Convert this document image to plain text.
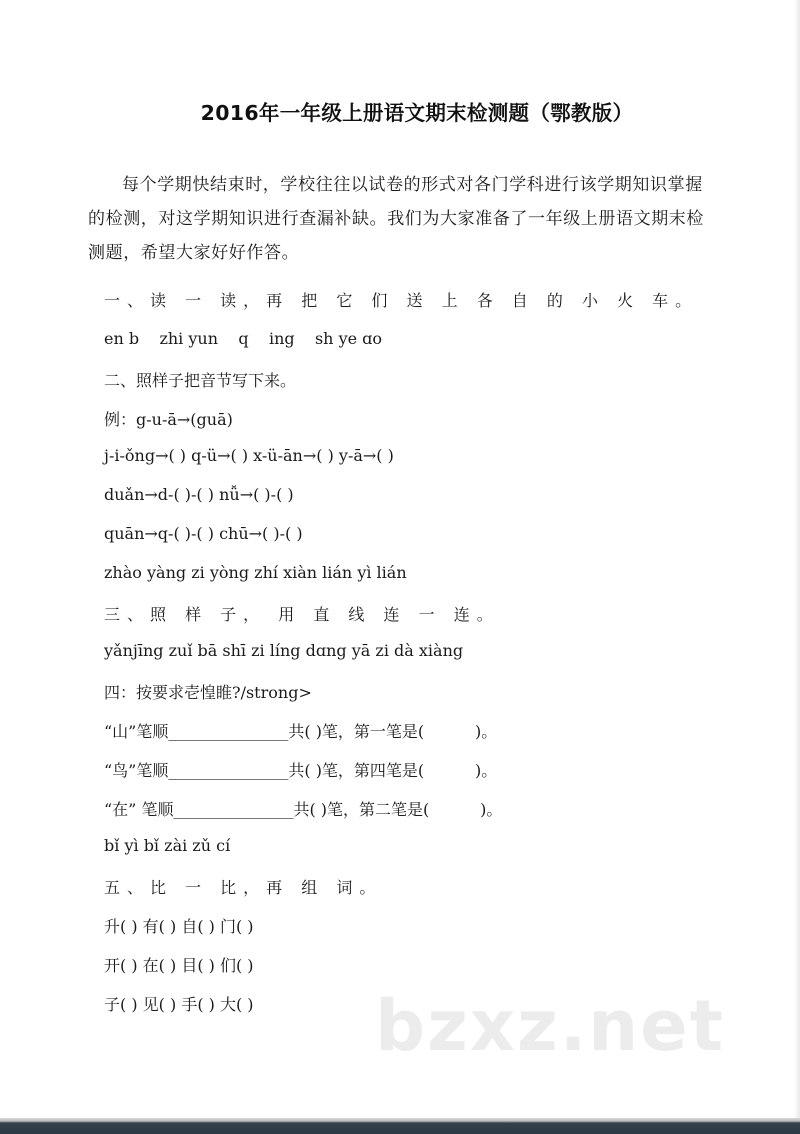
2016年一年级上册语文期末检测题（鄂教版）

每个学期快结束时，学校往往以试卷的形式对各门学科进行该学期知识掌握的检测，对这学期知识进行查漏补缺。我们为大家准备了一年级上册语文期末检测题，希望大家好好作答。

一、读 一 读，再 把 它 们 送 上 各 自 的 小 火 车。

en b    zhi yun    q    ing    sh ye ɑo

二、照样子把音节写下来。

例：g-u-ā→(guā)

j-i-ǒng→( ) q-ü→( ) x-ü-ān→( ) y-ā→( )

duǎn→d-( )-( ) nǚ→( )-( )

quān→q-( )-( ) chū→( )-( )

zhào yàng zi yòng zhí xiàn lián yì lián

三、照 样 子， 用 直 线 连 一 连。

yǎnjīng zuǐ bā shī zi líng dɑng yā zi dà xiàng

四：按要求壱惶睢?/strong>

“山”笔顺_______________共( )笔，第一笔是(          )。

“鸟”笔顺_______________共( )笔，第四笔是(          )。

“在” 笔顺_______________共( )笔，第二笔是(          )。

bǐ yì bǐ zài zǔ cí

五、比 一 比，再 组 词。

升( ) 有( ) 自( ) 门( )

开( ) 在( ) 目( ) 们( )

子( ) 见( ) 手( ) 大( ) bzxz.net
